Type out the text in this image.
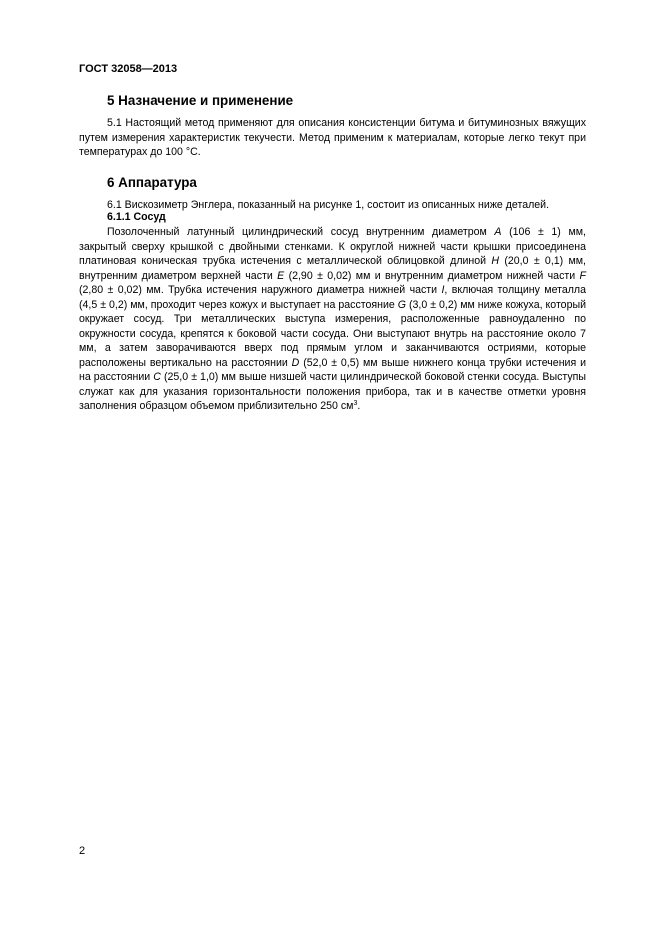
ГОСТ 32058—2013
5 Назначение и применение

5.1 Настоящий метод применяют для описания консистенции битума и битуминозных вяжущих путем измерения характеристик текучести. Метод применим к материалам, которые легко текут при температурах до 100 °С.

6 Аппаратура

6.1 Вискозиметр Энглера, показанный на рисунке 1, состоит из описанных ниже деталей.

6.1.1 Сосуд

Позолоченный латунный цилиндрический сосуд внутренним диаметром A (106 ± 1) мм, закрытый сверху крышкой с двойными стенками. К округлой нижней части крышки присоединена платиновая коническая трубка истечения с металлической облицовкой длиной H (20,0 ± 0,1) мм, внутренним диаметром верхней части E (2,90 ± 0,02) мм и внутренним диаметром нижней части F (2,80 ± 0,02) мм. Трубка истечения наружного диаметра нижней части I, включая толщину металла (4,5 ± 0,2) мм, проходит через кожух и выступает на расстояние G (3,0 ± 0,2) мм ниже кожуха, который окружает сосуд. Три металлических выступа измерения, расположенные равноудаленно по окружности сосуда, крепятся к боковой части сосуда. Они выступают внутрь на расстояние около 7 мм, а затем заворачиваются вверх под прямым углом и заканчиваются остриями, которые расположены вертикально на расстоянии D (52,0 ± 0,5) мм выше нижнего конца трубки истечения и на расстоянии C (25,0 ± 1,0) мм выше низшей части цилиндрической боковой стенки сосуда. Выступы служат как для указания горизонтальности положения прибора, так и в качестве отметки уровня заполнения образцом объемом приблизительно 250 $см^3$.

2
